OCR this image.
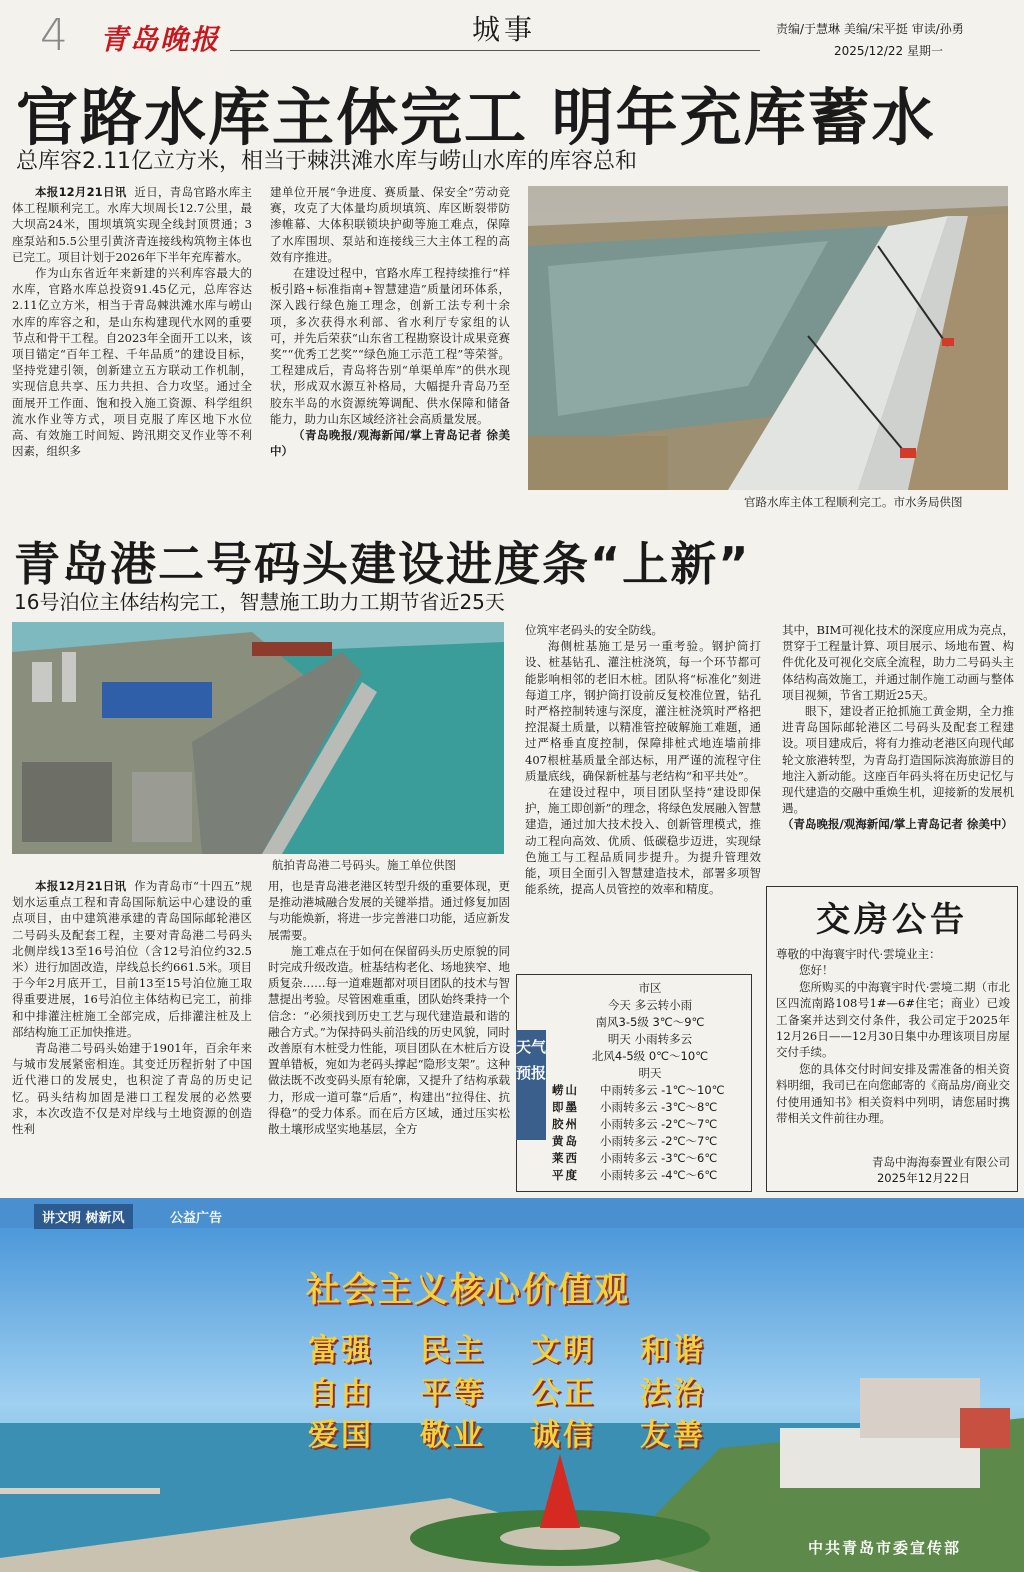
4 青岛晚报	城事	责编/于慧琳 美编/宋平挺 审读/孙勇
2025/12/22 星期一
官路水库主体完工 明年充库蓄水
总库容2.11亿立方米，相当于棘洪滩水库与崂山水库的库容总和

本报12月21日讯 近日，青岛官路水库主体工程顺利完工。水库大坝周长12.7公里，最大坝高24米，围坝填筑实现全线封顶贯通；3座泵站和5.5公里引黄济青连接线构筑物主体也已完工。项目计划于2026年下半年充库蓄水。

作为山东省近年来新建的兴利库容最大的水库，官路水库总投资91.45亿元，总库容达2.11亿立方米，相当于青岛棘洪滩水库与崂山水库的库容之和，是山东构建现代水网的重要节点和骨干工程。自2023年全面开工以来，该项目锚定“百年工程、千年品质”的建设目标，坚持党建引领，创新建立五方联动工作机制，实现信息共享、压力共担、合力攻坚。通过全面展开工作面、饱和投入施工资源、科学组织流水作业等方式，项目克服了库区地下水位高、有效施工时间短、跨汛期交叉作业等不利因素，组织多

建单位开展“争进度、赛质量、保安全”劳动竞赛，攻克了大体量均质坝填筑、库区断裂带防渗帷幕、大体积联锁块护砌等施工难点，保障了水库围坝、泵站和连接线三大主体工程的高效有序推进。

在建设过程中，官路水库工程持续推行“样板引路+标准指南+智慧建造”质量闭环体系，深入践行绿色施工理念，创新工法专利十余项，多次获得水利部、省水利厅专家组的认可，并先后荣获“山东省工程勘察设计成果竞赛奖”“优秀工艺奖”“绿色施工示范工程”等荣誉。工程建成后，青岛将告别“单渠单库”的供水现状，形成双水源互补格局，大幅提升青岛乃至胶东半岛的水资源统筹调配、供水保障和储备能力，助力山东区域经济社会高质量发展。

（青岛晚报/观海新闻/掌上青岛记者 徐美中）

官路水库主体工程顺利完工。市水务局供图
青岛港二号码头建设进度条“上新”
16号泊位主体结构完工，智慧施工助力工期节省近25天
航拍青岛港二号码头。施工单位供图

本报12月21日讯 作为青岛市“十四五”规划水运重点工程和青岛国际航运中心建设的重点项目，由中建筑港承建的青岛国际邮轮港区二号码头及配套工程，主要对青岛港二号码头北侧岸线13至16号泊位（含12号泊位约32.5米）进行加固改造，岸线总长约661.5米。项目于今年2月底开工，目前13至15号泊位施工取得重要进展，16号泊位主体结构已完工，前排和中排灌注桩施工全部完成，后排灌注桩及上部结构施工正加快推进。

青岛港二号码头始建于1901年，百余年来与城市发展紧密相连。其变迁历程折射了中国近代港口的发展史，也积淀了青岛的历史记忆。码头结构加固是港口工程发展的必然要求，本次改造不仅是对岸线与土地资源的创造性利

用，也是青岛港老港区转型升级的重要体现，更是推动港城融合发展的关键举措。通过修复加固与功能焕新，将进一步完善港口功能，适应新发展需要。

施工难点在于如何在保留码头历史原貌的同时完成升级改造。桩基结构老化、场地狭窄、地质复杂……每一道难题都对项目团队的技术与智慧提出考验。尽管困难重重，团队始终秉持一个信念：“必须找到历史工艺与现代建造最和谐的融合方式。”为保持码头前沿线的历史风貌，同时改善原有木桩受力性能，项目团队在木桩后方设置单错板，宛如为老码头撑起“隐形支架”。这种做法既不改变码头原有轮廓，又提升了结构承载力，形成一道可靠“后盾”，构建出“拉得住、抗得稳”的受力体系。而在后方区域，通过压实松散土壤形成坚实地基层，全方

位筑牢老码头的安全防线。

海侧桩基施工是另一重考验。钢护筒打设、桩基钻孔、灌注桩浇筑，每一个环节都可能影响相邻的老旧木桩。团队将“标准化”刻进每道工序，钢护筒打设前反复校准位置，钻孔时严格控制转速与深度，灌注桩浇筑时严格把控混凝土质量，以精准管控破解施工难题，通过严格垂直度控制，保障排桩式地连墙前排407根桩基质量全部达标，用严谨的流程守住质量底线，确保新桩基与老结构“和平共处”。

在建设过程中，项目团队坚持“建设即保护，施工即创新”的理念，将绿色发展融入智慧建造，通过加大技术投入、创新管理模式，推动工程向高效、优质、低碳稳步迈进，实现绿色施工与工程品质同步提升。为提升管理效能，项目全面引入智慧建造技术，部署多项智能系统，提高人员管控的效率和精度。

其中，BIM可视化技术的深度应用成为亮点，贯穿于工程量计算、项目展示、场地布置、构件优化及可视化交底全流程，助力二号码头主体结构高效施工，并通过制作施工动画与整体项目视频，节省工期近25天。

眼下，建设者正抢抓施工黄金期，全力推进青岛国际邮轮港区二号码头及配套工程建设。项目建成后，将有力推动老港区向现代邮轮文旅港转型，为青岛打造国际滨海旅游目的地注入新动能。这座百年码头将在历史记忆与现代建造的交融中重焕生机，迎接新的发展机遇。

（青岛晚报/观海新闻/掌上青岛记者 徐美中）

天气预报
市区
今天 多云转小雨
南风3-5级 3℃～9℃
明天 小雨转多云
北风4-5级 0℃～10℃
明天
崂山	中雨转多云 -1℃～10℃
即墨	小雨转多云 -3℃～8℃
胶州	小雨转多云 -2℃～7℃
黄岛	小雨转多云 -2℃～7℃
莱西	小雨转多云 -3℃～6℃
平度	小雨转多云 -4℃～6℃
交房公告
尊敬的中海寰宇时代·雲境业主：

您好！

您所购买的中海寰宇时代·雲境二期（市北区四流南路108号1#—6#住宅；商业）已竣工备案并达到交付条件，我公司定于2025年12月26日——12月30日集中办理该项目房屋交付手续。

您的具体交付时间安排及需准备的相关资料明细，我司已在向您邮寄的《商品房/商业交付使用通知书》相关资料中列明，请您届时携带相关文件前往办理。

青岛中海海泰置业有限公司
2025年12月22日
讲文明 树新风	公益广告
社会主义核心价值观
富强 民主 文明 和谐
自由 平等 公正 法治
爱国 敬业 诚信 友善
中共青岛市委宣传部
